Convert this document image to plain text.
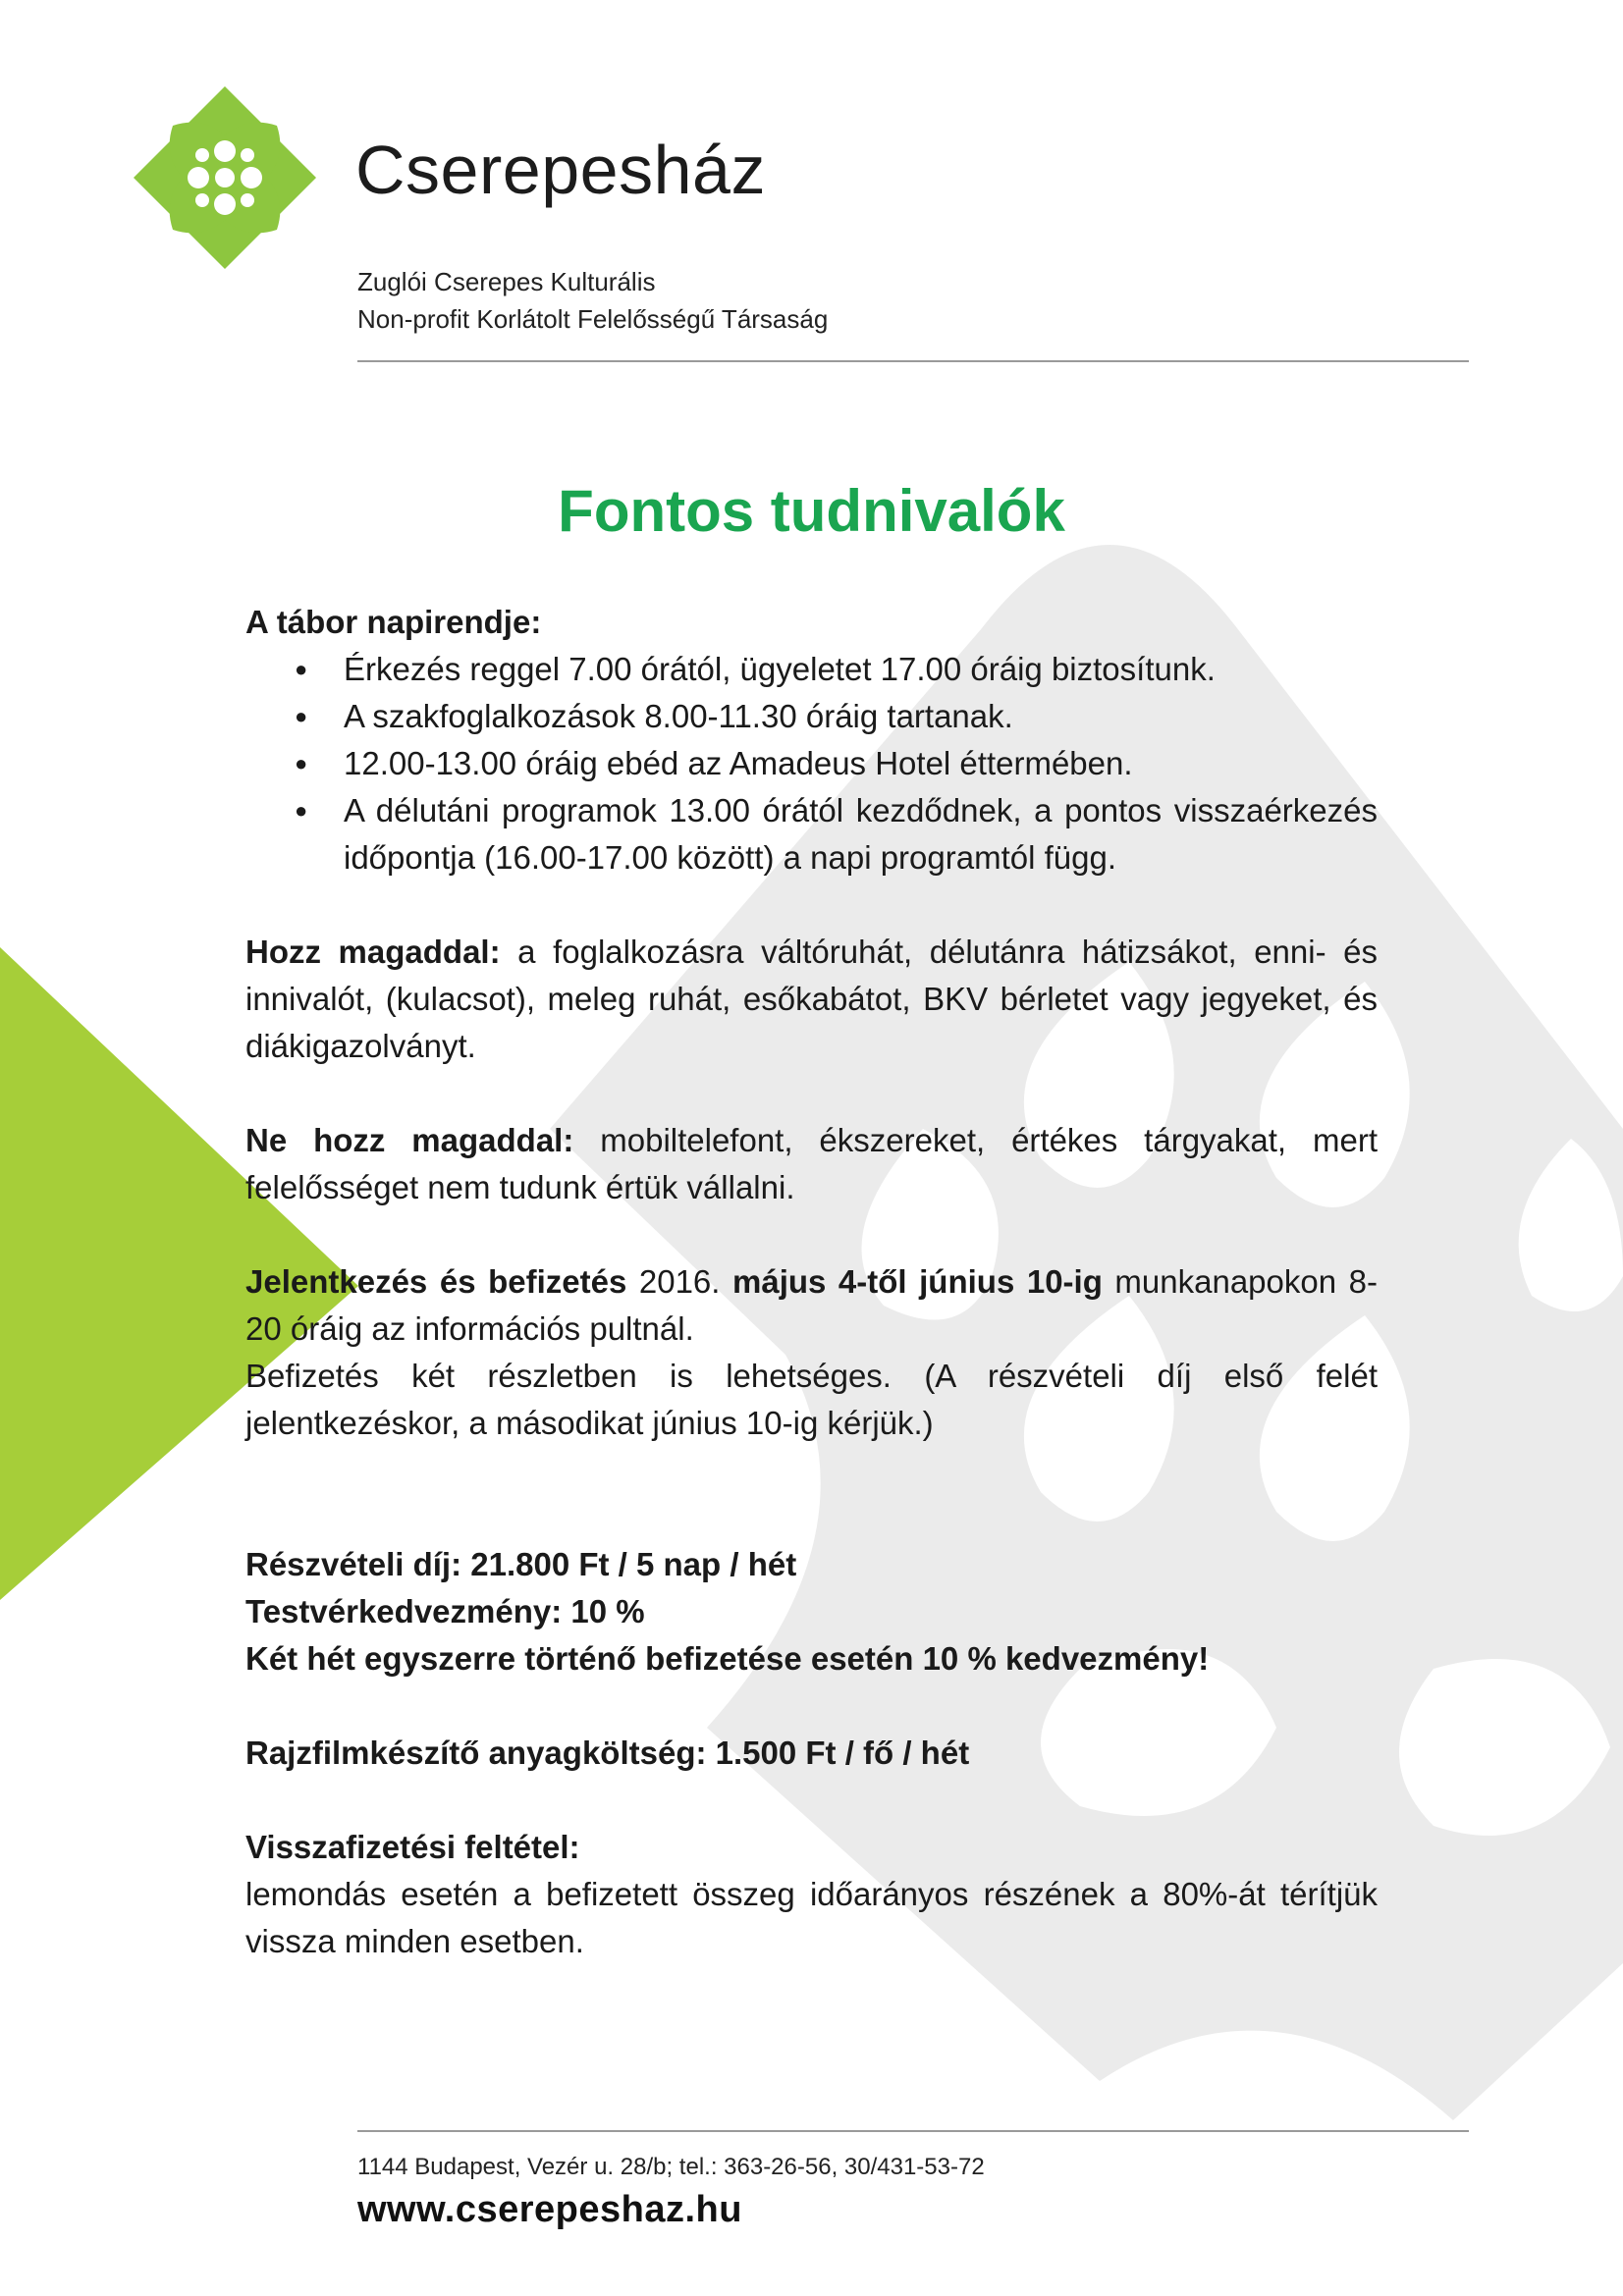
Cserepesház
Zuglói Cserepes Kulturális
Non-profit Korlátolt Felelősségű Társaság
Fontos tudnivalók

A tábor napirendje:

● Érkezés reggel 7.00 órától, ügyeletet 17.00 óráig biztosítunk.
● A szakfoglalkozások 8.00-11.30 óráig tartanak.
● 12.00-13.00 óráig ebéd az Amadeus Hotel éttermében.
● A délutáni programok 13.00 órától kezdődnek, a pontos visszaérkezés időpontja (16.00-17.00 között) a napi programtól függ.

Hozz magaddal: a foglalkozásra váltóruhát, délutánra hátizsákot, enni- és innivalót, (kulacsot), meleg ruhát, esőkabátot, BKV bérletet vagy jegyeket, és diákigazolványt.

Ne hozz magaddal: mobiltelefont, ékszereket, értékes tárgyakat, mert felelősséget nem tudunk értük vállalni.

Jelentkezés és befizetés 2016. május 4-től június 10-ig munkanapokon 8-20 óráig az információs pultnál.

Befizetés két részletben is lehetséges. (A részvételi díj első felét jelentkezéskor, a másodikat június 10-ig kérjük.)

Részvételi díj: 21.800 Ft / 5 nap / hét

Testvérkedvezmény: 10 %

Két hét egyszerre történő befizetése esetén 10 % kedvezmény!

Rajzfilmkészítő anyagköltség: 1.500 Ft / fő / hét

Visszafizetési feltétel:

lemondás esetén a befizetett összeg időarányos részének a 80%-át térítjük vissza minden esetben.

1144 Budapest, Vezér u. 28/b; tel.: 363-26-56, 30/431-53-72
www.cserepeshaz.hu
